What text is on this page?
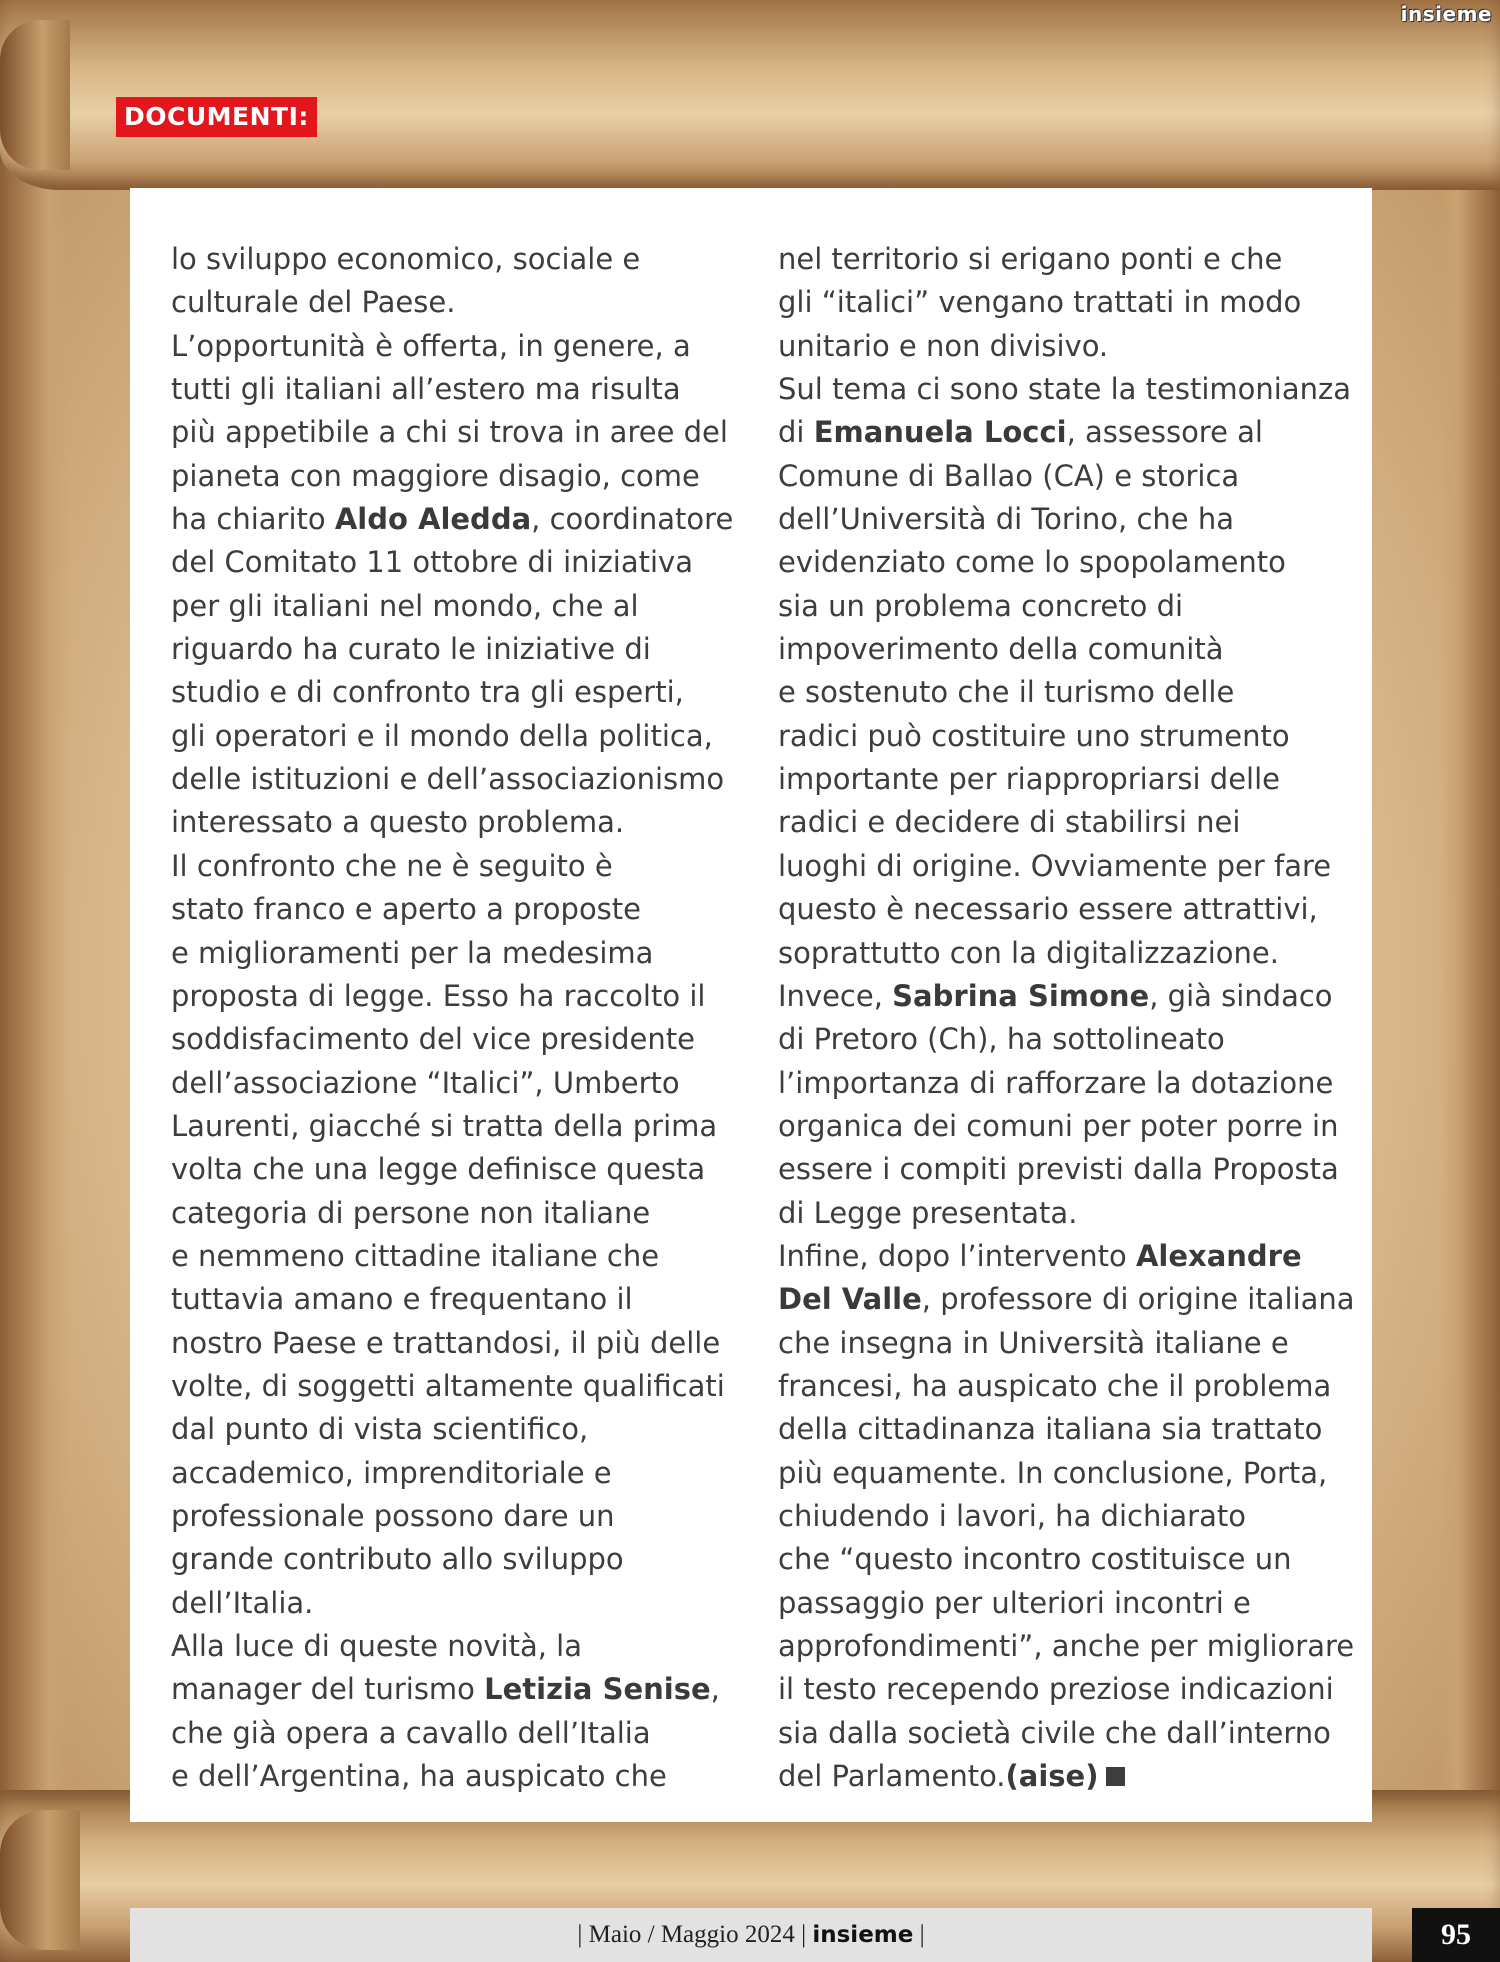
insieme
DOCUMENTI:
lo sviluppo economico, sociale e
culturale del Paese.
L’opportunità è offerta, in genere, a
tutti gli italiani all’estero ma risulta
più appetibile a chi si trova in aree del
pianeta con maggiore disagio, come
ha chiarito Aldo Aledda, coordinatore
del Comitato 11 ottobre di iniziativa
per gli italiani nel mondo, che al
riguardo ha curato le iniziative di
studio e di confronto tra gli esperti,
gli operatori e il mondo della politica,
delle istituzioni e dell’associazionismo
interessato a questo problema.
Il confronto che ne è seguito è
stato franco e aperto a proposte
e miglioramenti per la medesima
proposta di legge. Esso ha raccolto il
soddisfacimento del vice presidente
dell’associazione “Italici”, Umberto
Laurenti, giacché si tratta della prima
volta che una legge definisce questa
categoria di persone non italiane
e nemmeno cittadine italiane che
tuttavia amano e frequentano il
nostro Paese e trattandosi, il più delle
volte, di soggetti altamente qualificati
dal punto di vista scientifico,
accademico, imprenditoriale e
professionale possono dare un
grande contributo allo sviluppo
dell’Italia.
Alla luce di queste novità, la
manager del turismo Letizia Senise,
che già opera a cavallo dell’Italia
e dell’Argentina, ha auspicato che
nel territorio si erigano ponti e che
gli “italici” vengano trattati in modo
unitario e non divisivo.
Sul tema ci sono state la testimonianza
di Emanuela Locci, assessore al
Comune di Ballao (CA) e storica
dell’Università di Torino, che ha
evidenziato come lo spopolamento
sia un problema concreto di
impoverimento della comunità
e sostenuto che il turismo delle
radici può costituire uno strumento
importante per riappropriarsi delle
radici e decidere di stabilirsi nei
luoghi di origine. Ovviamente per fare
questo è necessario essere attrattivi,
soprattutto con la digitalizzazione.
Invece, Sabrina Simone, già sindaco
di Pretoro (Ch), ha sottolineato
l’importanza di rafforzare la dotazione
organica dei comuni per poter porre in
essere i compiti previsti dalla Proposta
di Legge presentata.
Infine, dopo l’intervento Alexandre
Del Valle, professore di origine italiana
che insegna in Università italiane e
francesi, ha auspicato che il problema
della cittadinanza italiana sia trattato
più equamente. In conclusione, Porta,
chiudendo i lavori, ha dichiarato
che “questo incontro costituisce un
passaggio per ulteriori incontri e
approfondimenti”, anche per migliorare
il testo recependo preziose indicazioni
sia dalla società civile che dall’interno
del Parlamento.(aise)
| Maio / Maggio 2024 | insieme |	95
